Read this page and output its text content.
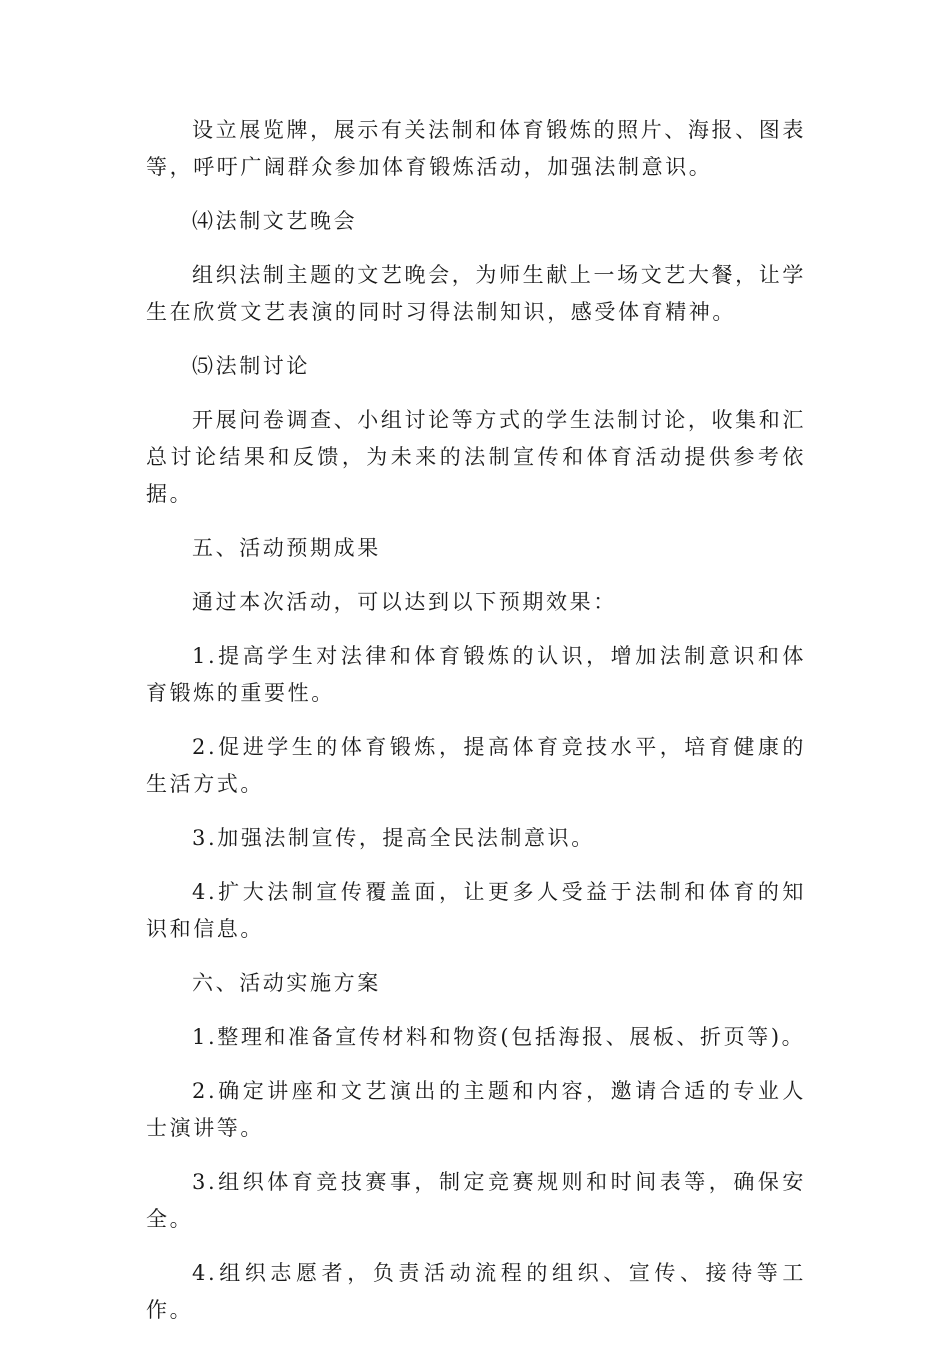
设立展览牌，展示有关法制和体育锻炼的照片、海报、图表等，呼吁广阔群众参加体育锻炼活动，加强法制意识。

⑷法制文艺晚会

组织法制主题的文艺晚会，为师生献上一场文艺大餐，让学生在欣赏文艺表演的同时习得法制知识，感受体育精神。

⑸法制讨论

开展问卷调查、小组讨论等方式的学生法制讨论，收集和汇总讨论结果和反馈，为未来的法制宣传和体育活动提供参考依据。

五、活动预期成果

通过本次活动，可以达到以下预期效果：

1.提高学生对法律和体育锻炼的认识，增加法制意识和体育锻炼的重要性。

2.促进学生的体育锻炼，提高体育竞技水平，培育健康的生活方式。

3.加强法制宣传，提高全民法制意识。

4.扩大法制宣传覆盖面，让更多人受益于法制和体育的知识和信息。

六、活动实施方案

1.整理和准备宣传材料和物资(包括海报、展板、折页等)。

2.确定讲座和文艺演出的主题和内容，邀请合适的专业人士演讲等。

3.组织体育竞技赛事，制定竞赛规则和时间表等，确保安全。

4.组织志愿者，负责活动流程的组织、宣传、接待等工作。
